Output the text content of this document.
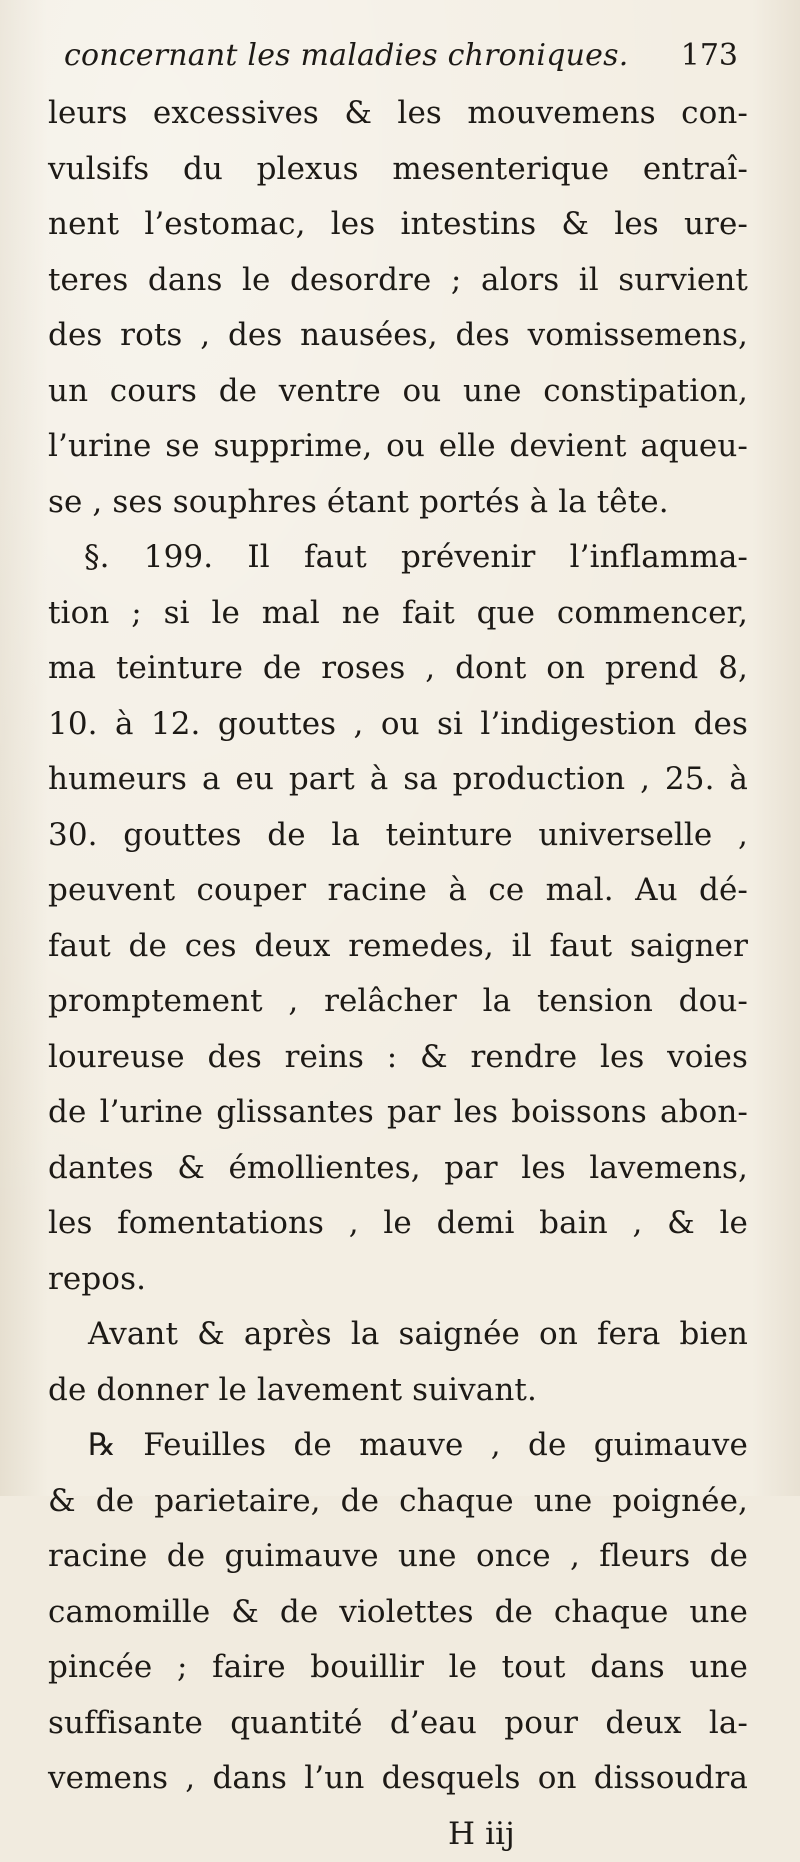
concernant les maladies chroniques. 173
leurs excessives & les mouvemens con-
vulsifs du plexus mesenterique entraî-
nent l’estomac, les intestins & les ure-
teres dans le desordre ; alors il survient
des rots , des nausées, des vomissemens,
un cours de ventre ou une constipation,
l’urine se supprime, ou elle devient aqueu-
se , ses souphres étant portés à la tête.
§. 199. Il faut prévenir l’inflamma-
tion ; si le mal ne fait que commencer,
ma teinture de roses , dont on prend 8,
10. à 12. gouttes , ou si l’indigestion des
humeurs a eu part à sa production , 25. à
30. gouttes de la teinture universelle ,
peuvent couper racine à ce mal. Au dé-
faut de ces deux remedes, il faut saigner
promptement , relâcher la tension dou-
loureuse des reins : & rendre les voies
de l’urine glissantes par les boissons abon-
dantes & émollientes, par les lavemens,
les fomentations , le demi bain , & le
repos.
Avant & après la saignée on fera bien
de donner le lavement suivant.
℞ Feuilles de mauve , de guimauve
& de parietaire, de chaque une poignée,
racine de guimauve une once , fleurs de
camomille & de violettes de chaque une
pincée ; faire bouillir le tout dans une
suffisante quantité d’eau pour deux la-
vemens , dans l’un desquels on dissoudra
H iij
